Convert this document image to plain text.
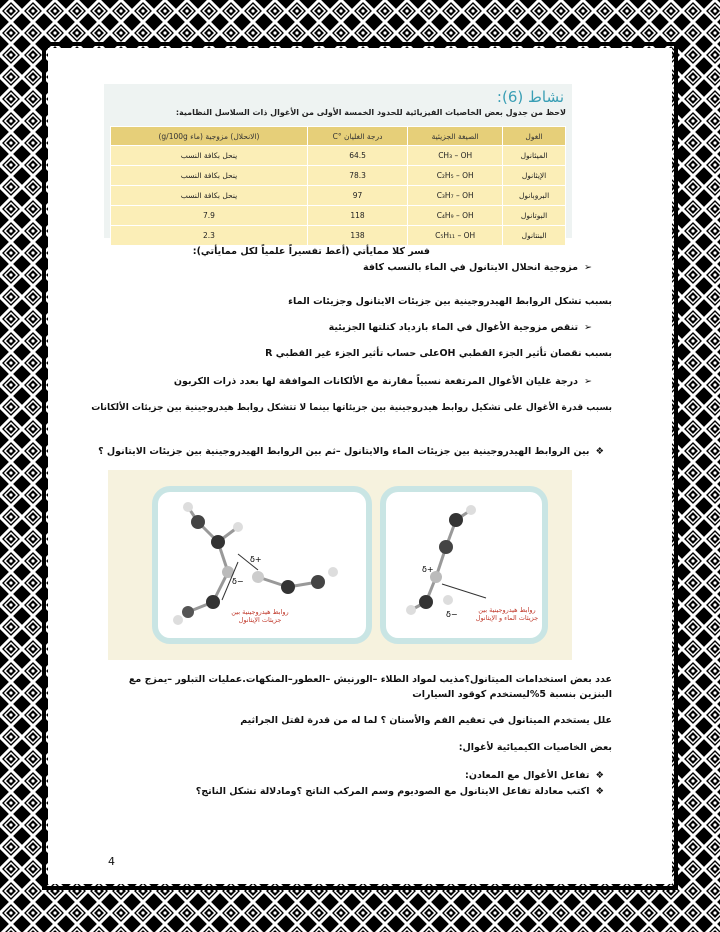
نشاط (6):
لاحظ من جدول بعض الخاصيات الفيزيائية للحدود الخمسة الأولى من الأغوال ذات السلاسل النظامية:
الغول	الصيغة الجزيئية	درجة الغليان °C	(الانحلال) مزوجية (ماء g/100g)
الميثانول	CH₃ – OH	64.5	ينحل بكافة النسب
الإيثانول	C₂H₅ – OH	78.3	ينحل بكافة النسب
البروبانول	C₃H₇ – OH	97	ينحل بكافة النسب
البوتانول	C₄H₉ – OH	118	7.9
البنتانول	C₅H₁₁ – OH	138	2.3
فسر كلا ممايأتي (أعط تفسيراً علمياً لكل ممايأتي):
➢مزوجية انحلال الايتانول في الماء بالنسب كافة
بسبب تشكل الروابط الهيدروجينية بين جزيئات الايتانول وجزيئات الماء
➢تنقص مزوجية الأغوال في الماء بازدياد كتلتها الجزيئية
بسبب نقصان تأثير الجزء القطبي OHعلى حساب تأثير الجزء غير القطبي R
➢درجة غليان الأغوال المرتفعة نسبياً مقارنة مع الألكانات الموافقة لها بعدد ذرات الكربون
بسبب قدرة الأغوال على تشكيل روابط هيدروجينية بين جزيئاتها بينما لا تتشكل روابط هيدروجينية بين جزيئات الألكانات
❖بين الروابط الهيدروجينية بين جزيئات الماء والايتانول –ثم بين الروابط الهيدروجينية بين جزيئات الايتانول ؟
δ+
δ−
روابط هيدروجينية بين جزيئات الإيثانول
δ+
δ−	روابط هيدروجينية بين جزيئات الماء و الإيثانول
عدد بعض استخدامات الميتانول؟مذيب لمواد الطلاء –الورنيش –العطور–المنكهات.عمليات التبلور –يمزج مع البنزين بنسبة 5%ليستخدم كوقود السيارات
علل يستخدم الميتانول في تعقيم الفم والأسنان ؟ لما له من قدرة لقتل الجراثيم
بعض الخاصيات الكيميائية لأغوال:
❖تفاعل الأغوال مع المعادن:
❖اكتب معادلة تفاعل الايتانول مع الصوديوم وسم المركب الناتج ؟ومادلالة تشكل الناتج؟
4
